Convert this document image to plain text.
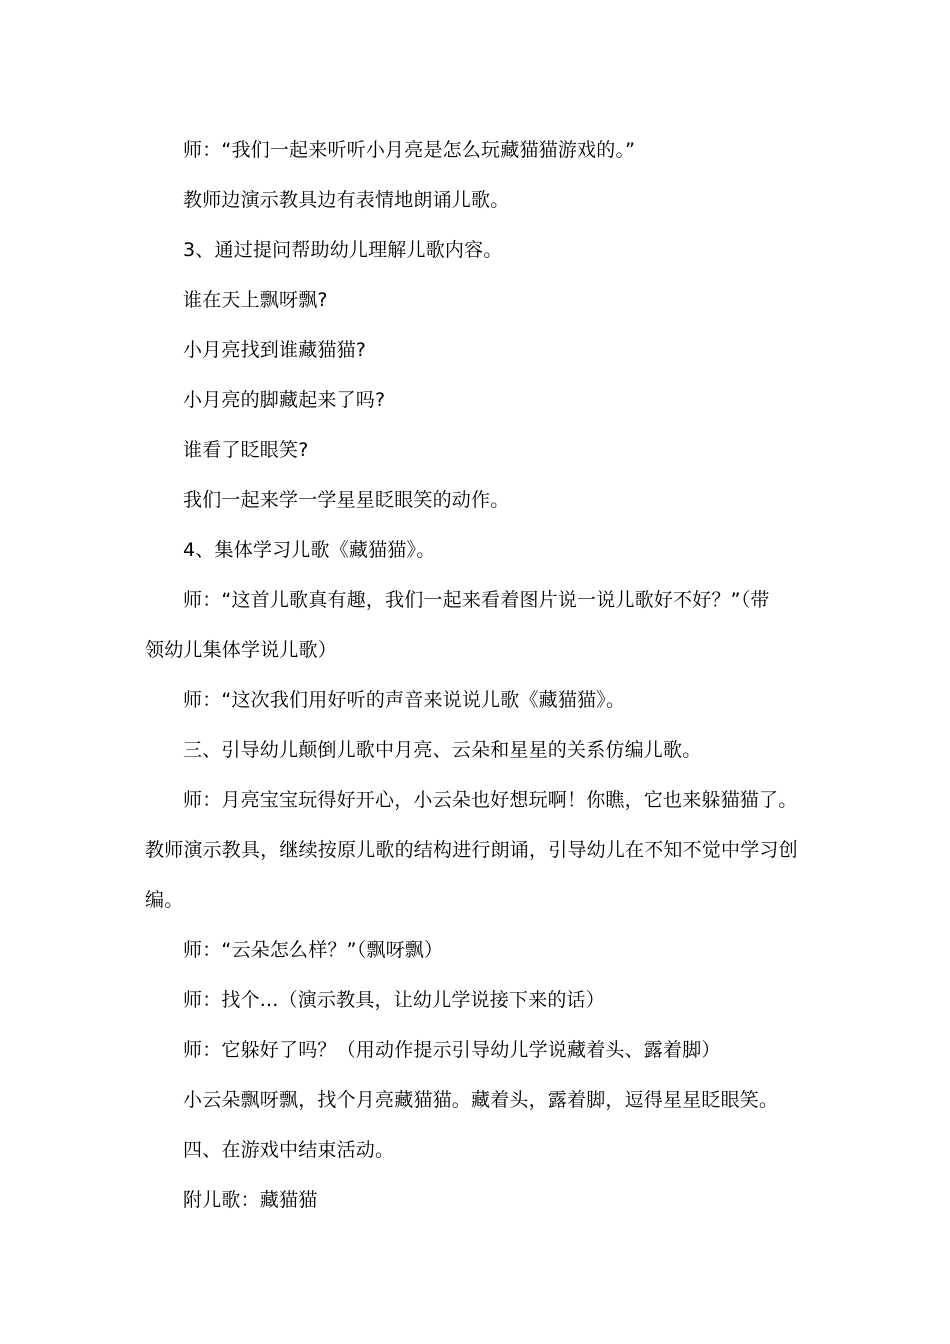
师：“我们一起来听听小月亮是怎么玩藏猫猫游戏的。”

教师边演示教具边有表情地朗诵儿歌。

3、通过提问帮助幼儿理解儿歌内容。

谁在天上飘呀飘?

小月亮找到谁藏猫猫?

小月亮的脚藏起来了吗?

谁看了眨眼笑?

我们一起来学一学星星眨眼笑的动作。

4、集体学习儿歌《藏猫猫》。

师：“这首儿歌真有趣，我们一起来看着图片说一说儿歌好不好？”（带

领幼儿集体学说儿歌）

师：“这次我们用好听的声音来说说儿歌《藏猫猫》。

三、引导幼儿颠倒儿歌中月亮、云朵和星星的关系仿编儿歌。

师：月亮宝宝玩得好开心，小云朵也好想玩啊！你瞧，它也来躲猫猫了。

教师演示教具，继续按原儿歌的结构进行朗诵，引导幼儿在不知不觉中学习创

编。

师：“云朵怎么样？”（飘呀飘）

师：找个...（演示教具，让幼儿学说接下来的话）

师：它躲好了吗？（用动作提示引导幼儿学说藏着头、露着脚）

小云朵飘呀飘，找个月亮藏猫猫。藏着头，露着脚，逗得星星眨眼笑。

四、在游戏中结束活动。

附儿歌：藏猫猫
